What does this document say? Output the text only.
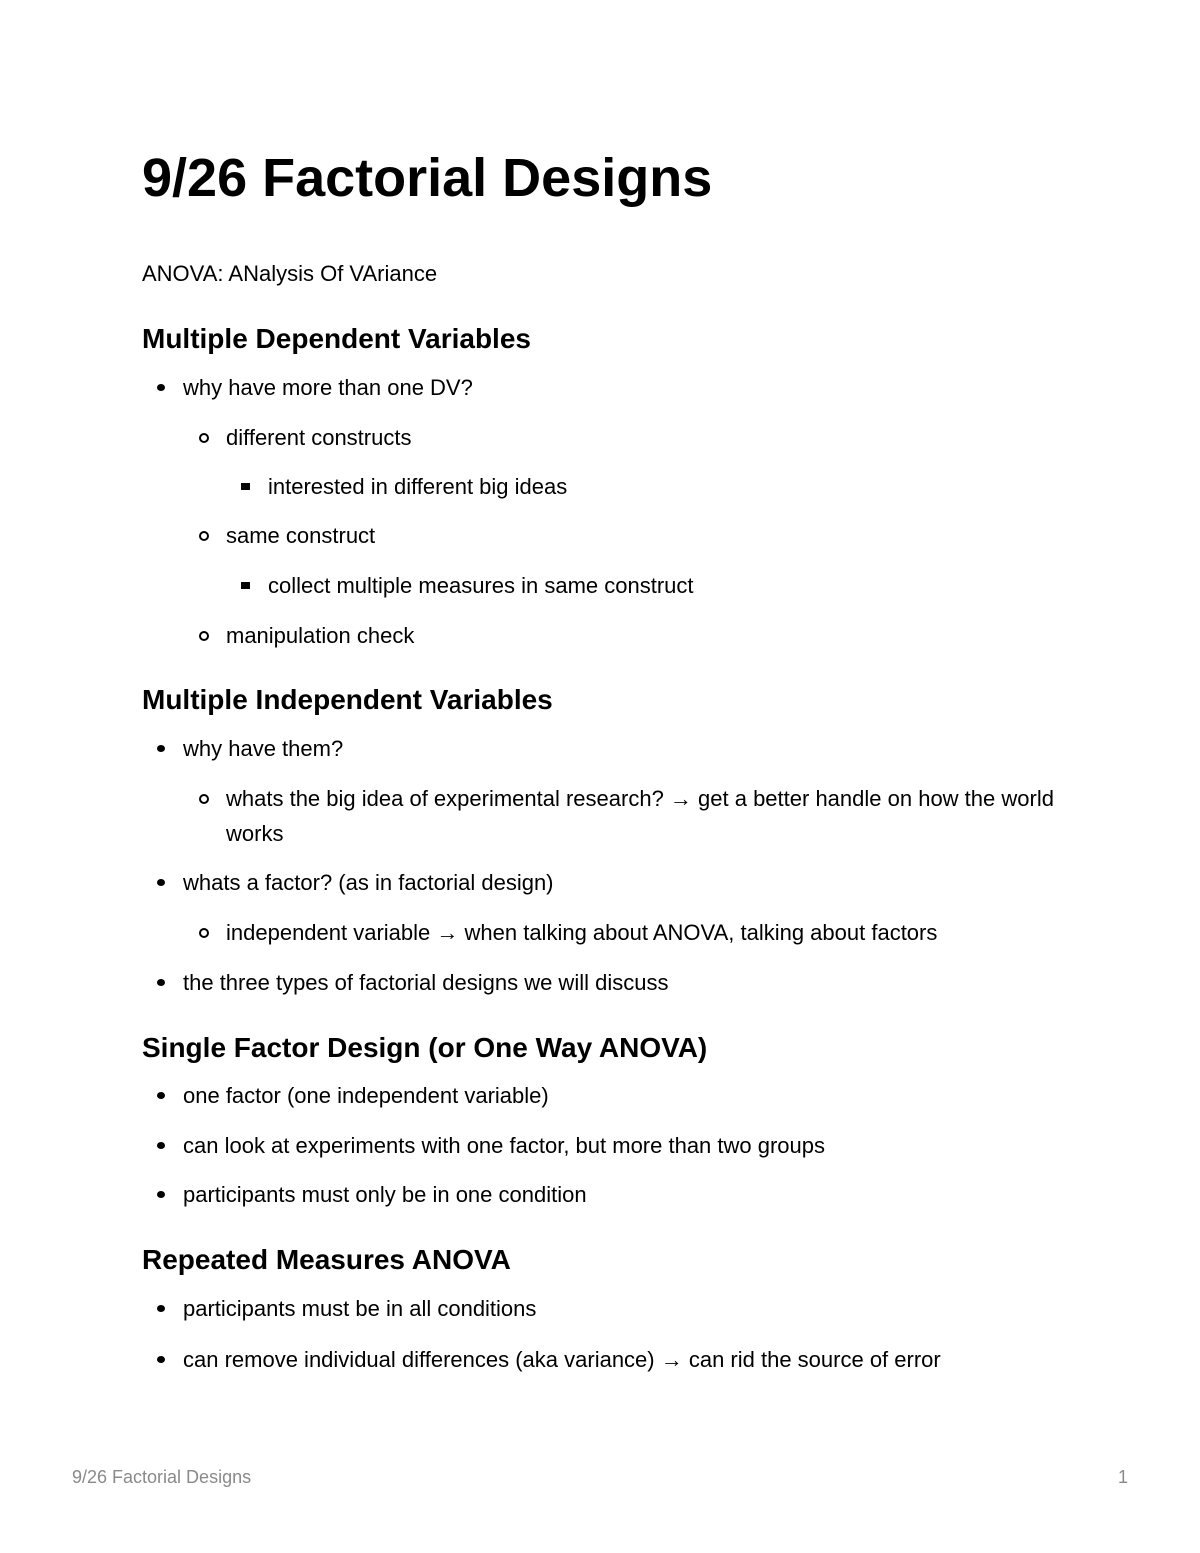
9/26 Factorial Designs

ANOVA: ANalysis Of VAriance

Multiple Dependent Variables
why have more than one DV?
different constructs
interested in different big ideas
same construct
collect multiple measures in same construct
manipulation check
Multiple Independent Variables
why have them?
whats the big idea of experimental research? → get a better handle on how the world works
whats a factor? (as in factorial design)
independent variable → when talking about ANOVA, talking about factors
the three types of factorial designs we will discuss
Single Factor Design (or One Way ANOVA)
one factor (one independent variable)
can look at experiments with one factor, but more than two groups
participants must only be in one condition
Repeated Measures ANOVA
participants must be in all conditions
can remove individual differences (aka variance) → can rid the source of error
9/26 Factorial Designs	1
